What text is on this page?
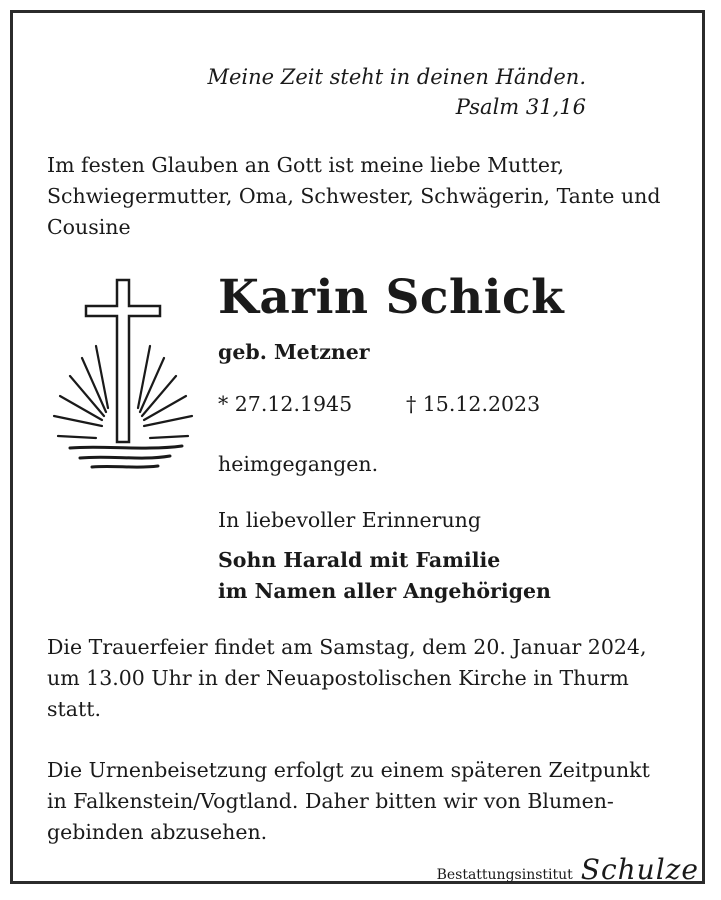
Meine Zeit steht in deinen Händen.
Psalm 31,16
Im festen Glauben an Gott ist meine liebe Mutter,
Schwiegermutter, Oma, Schwester, Schwägerin, Tante und
Cousine
Karin Schick
geb. Metzner
* 27.12.1945	† 15.12.2023
heimgegangen.
In liebevoller Erinnerung
Sohn Harald mit Familie
im Namen aller Angehörigen
Die Trauerfeier findet am Samstag, dem 20. Januar 2024,
um 13.00 Uhr in der Neuapostolischen Kirche in Thurm
statt.
Die Urnenbeisetzung erfolgt zu einem späteren Zeitpunkt
in Falkenstein/Vogtland. Daher bitten wir von Blumen-
gebinden abzusehen.
Bestattungsinstitut Schulze
